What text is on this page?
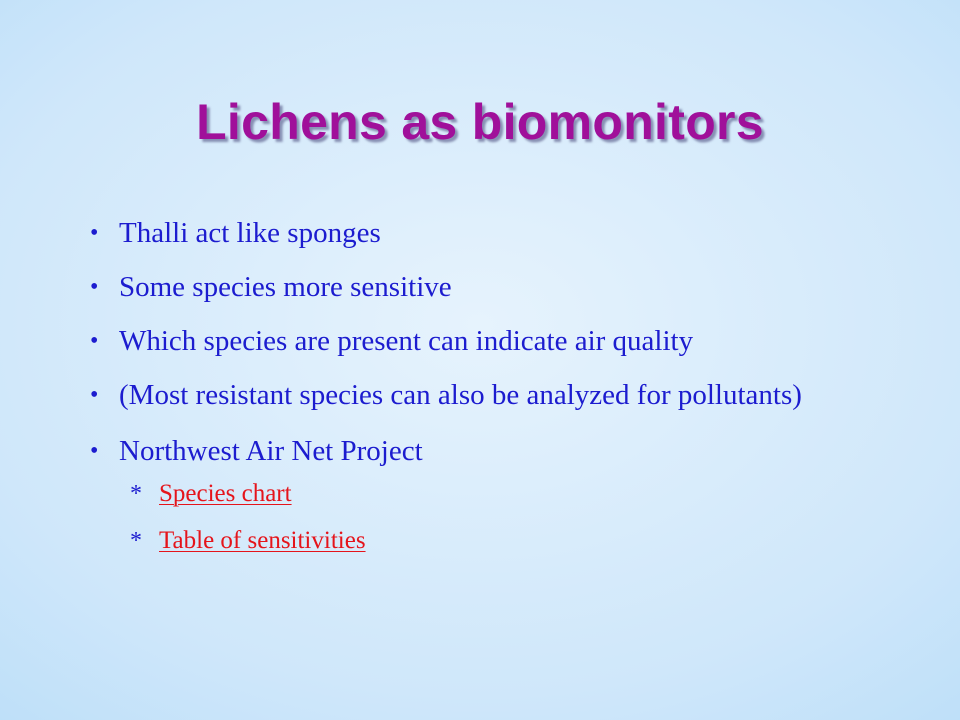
Lichens as biomonitors
• Thalli act like sponges
• Some species more sensitive
• Which species are present can indicate air quality
• (Most resistant species can also be analyzed for pollutants)
• Northwest Air Net Project
* Species chart
* Table of sensitivities
